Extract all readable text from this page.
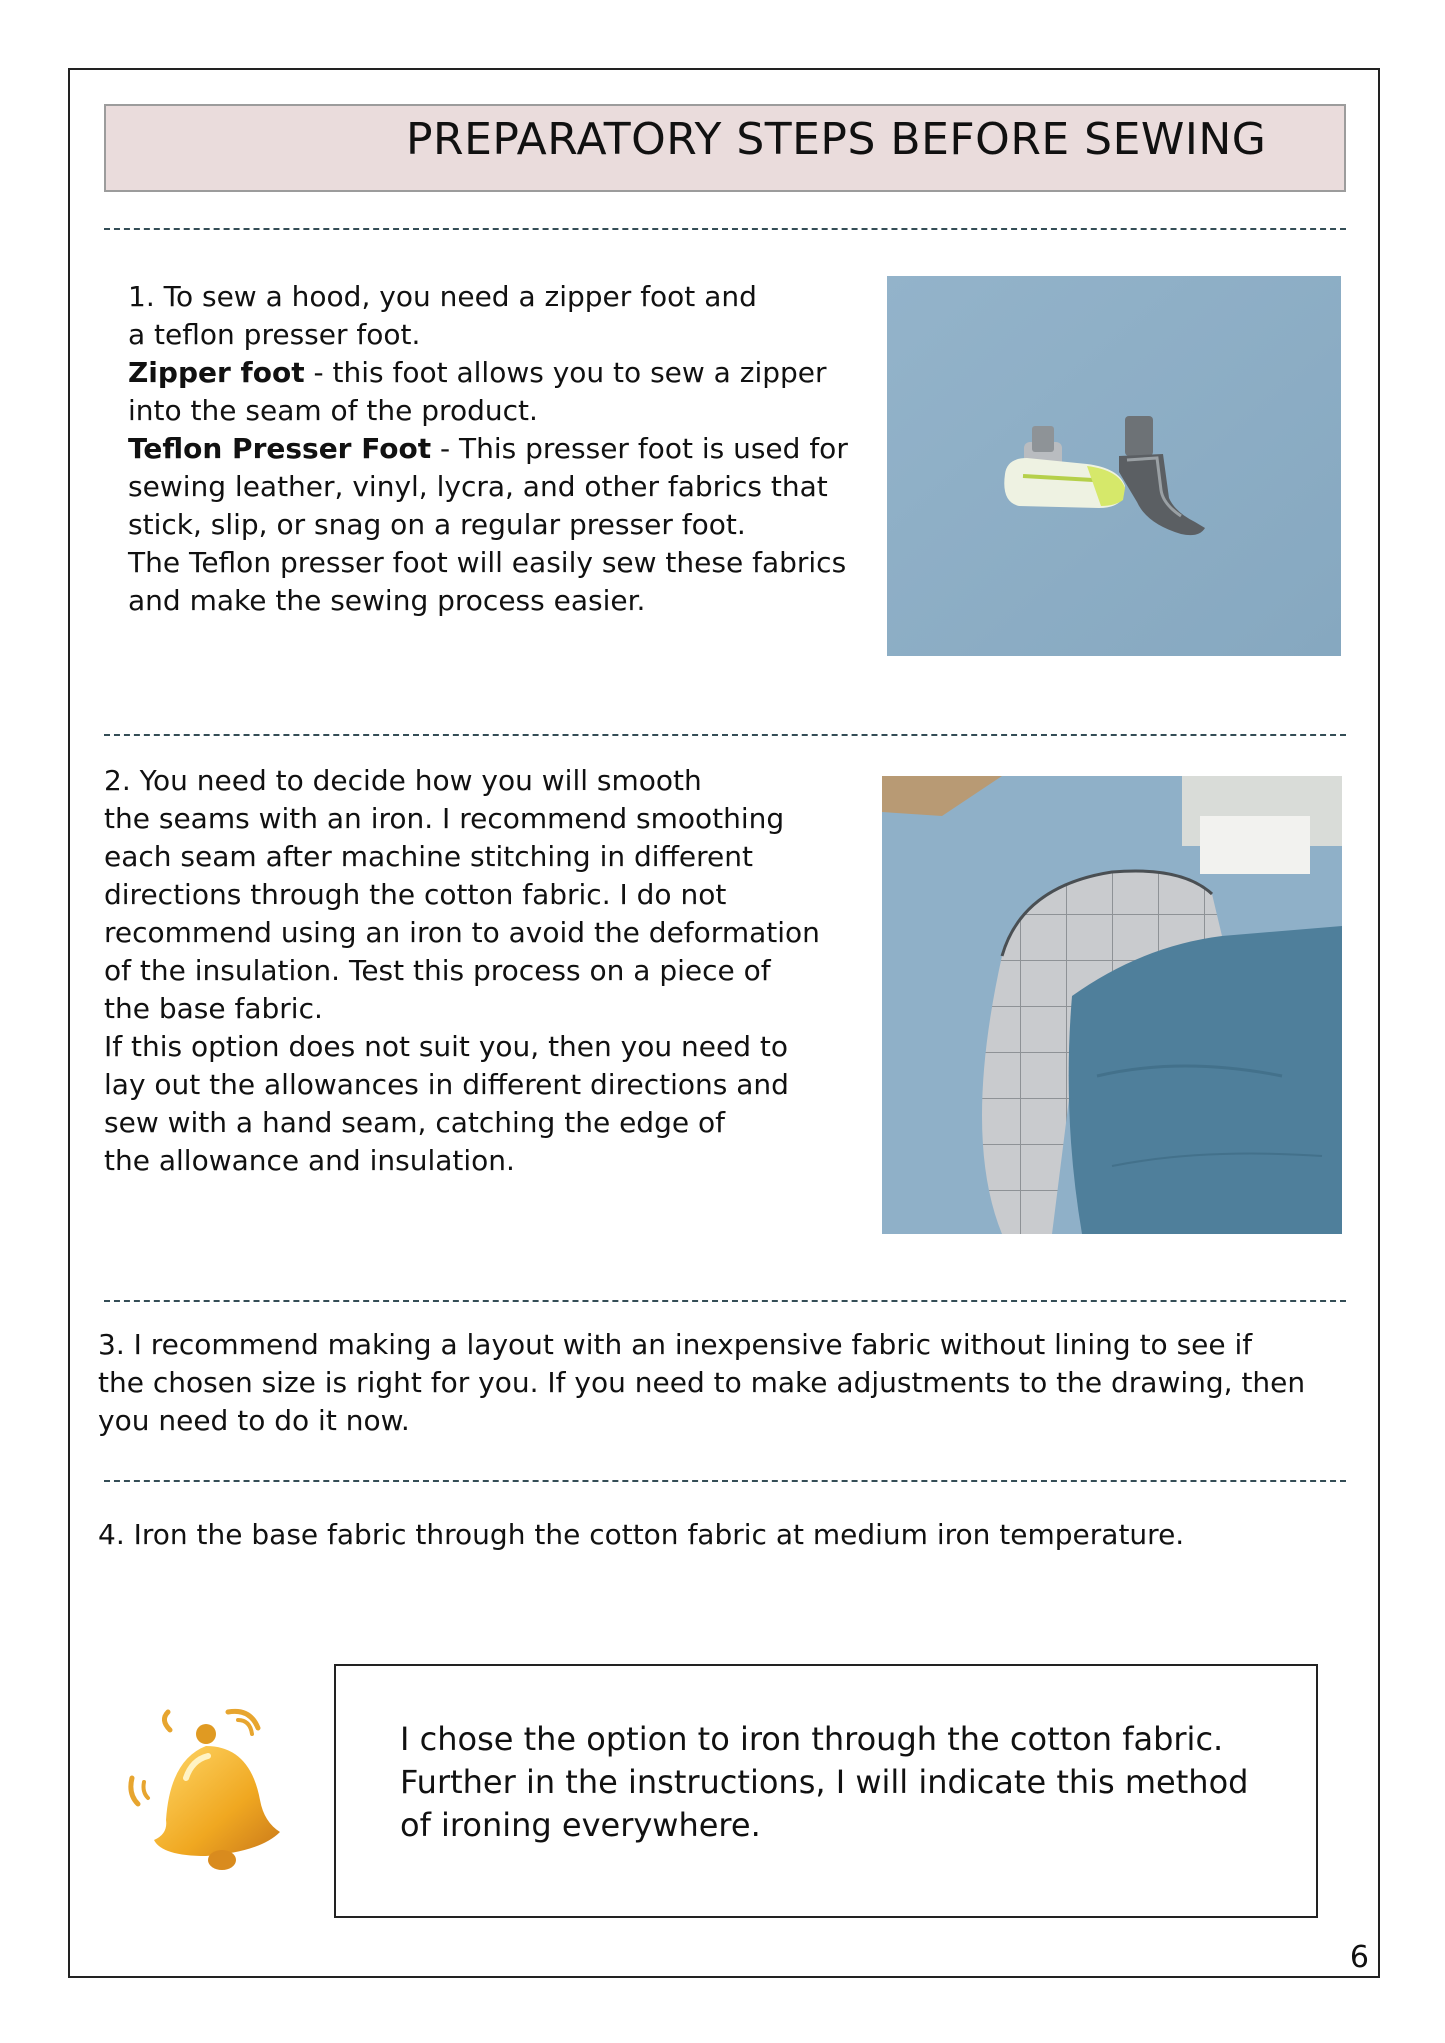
PREPARATORY STEPS BEFORE SEWING
1. To sew a hood, you need a zipper foot and
a teflon presser foot.
Zipper foot - this foot allows you to sew a zipper
into the seam of the product.
Teflon Presser Foot - This presser foot is used for
sewing leather, vinyl, lycra, and other fabrics that
stick, slip, or snag on a regular presser foot.
The Teflon presser foot will easily sew these fabrics
and make the sewing process easier.
2. You need to decide how you will smooth
the seams with an iron. I recommend smoothing
each seam after machine stitching in different
directions through the cotton fabric. I do not
recommend using an iron to avoid the deformation
of the insulation. Test this process on a piece of
the base fabric.
If this option does not suit you, then you need to
lay out the allowances in different directions and
sew with a hand seam, catching the edge of
the allowance and insulation.
3. I recommend making a layout with an inexpensive fabric without lining to see if
the chosen size is right for you. If you need to make adjustments to the drawing, then
you need to do it now.
4. Iron the base fabric through the cotton fabric at medium iron temperature.
I chose the option to iron through the cotton fabric.
Further in the instructions, I will indicate this method
of ironing everywhere.
6
